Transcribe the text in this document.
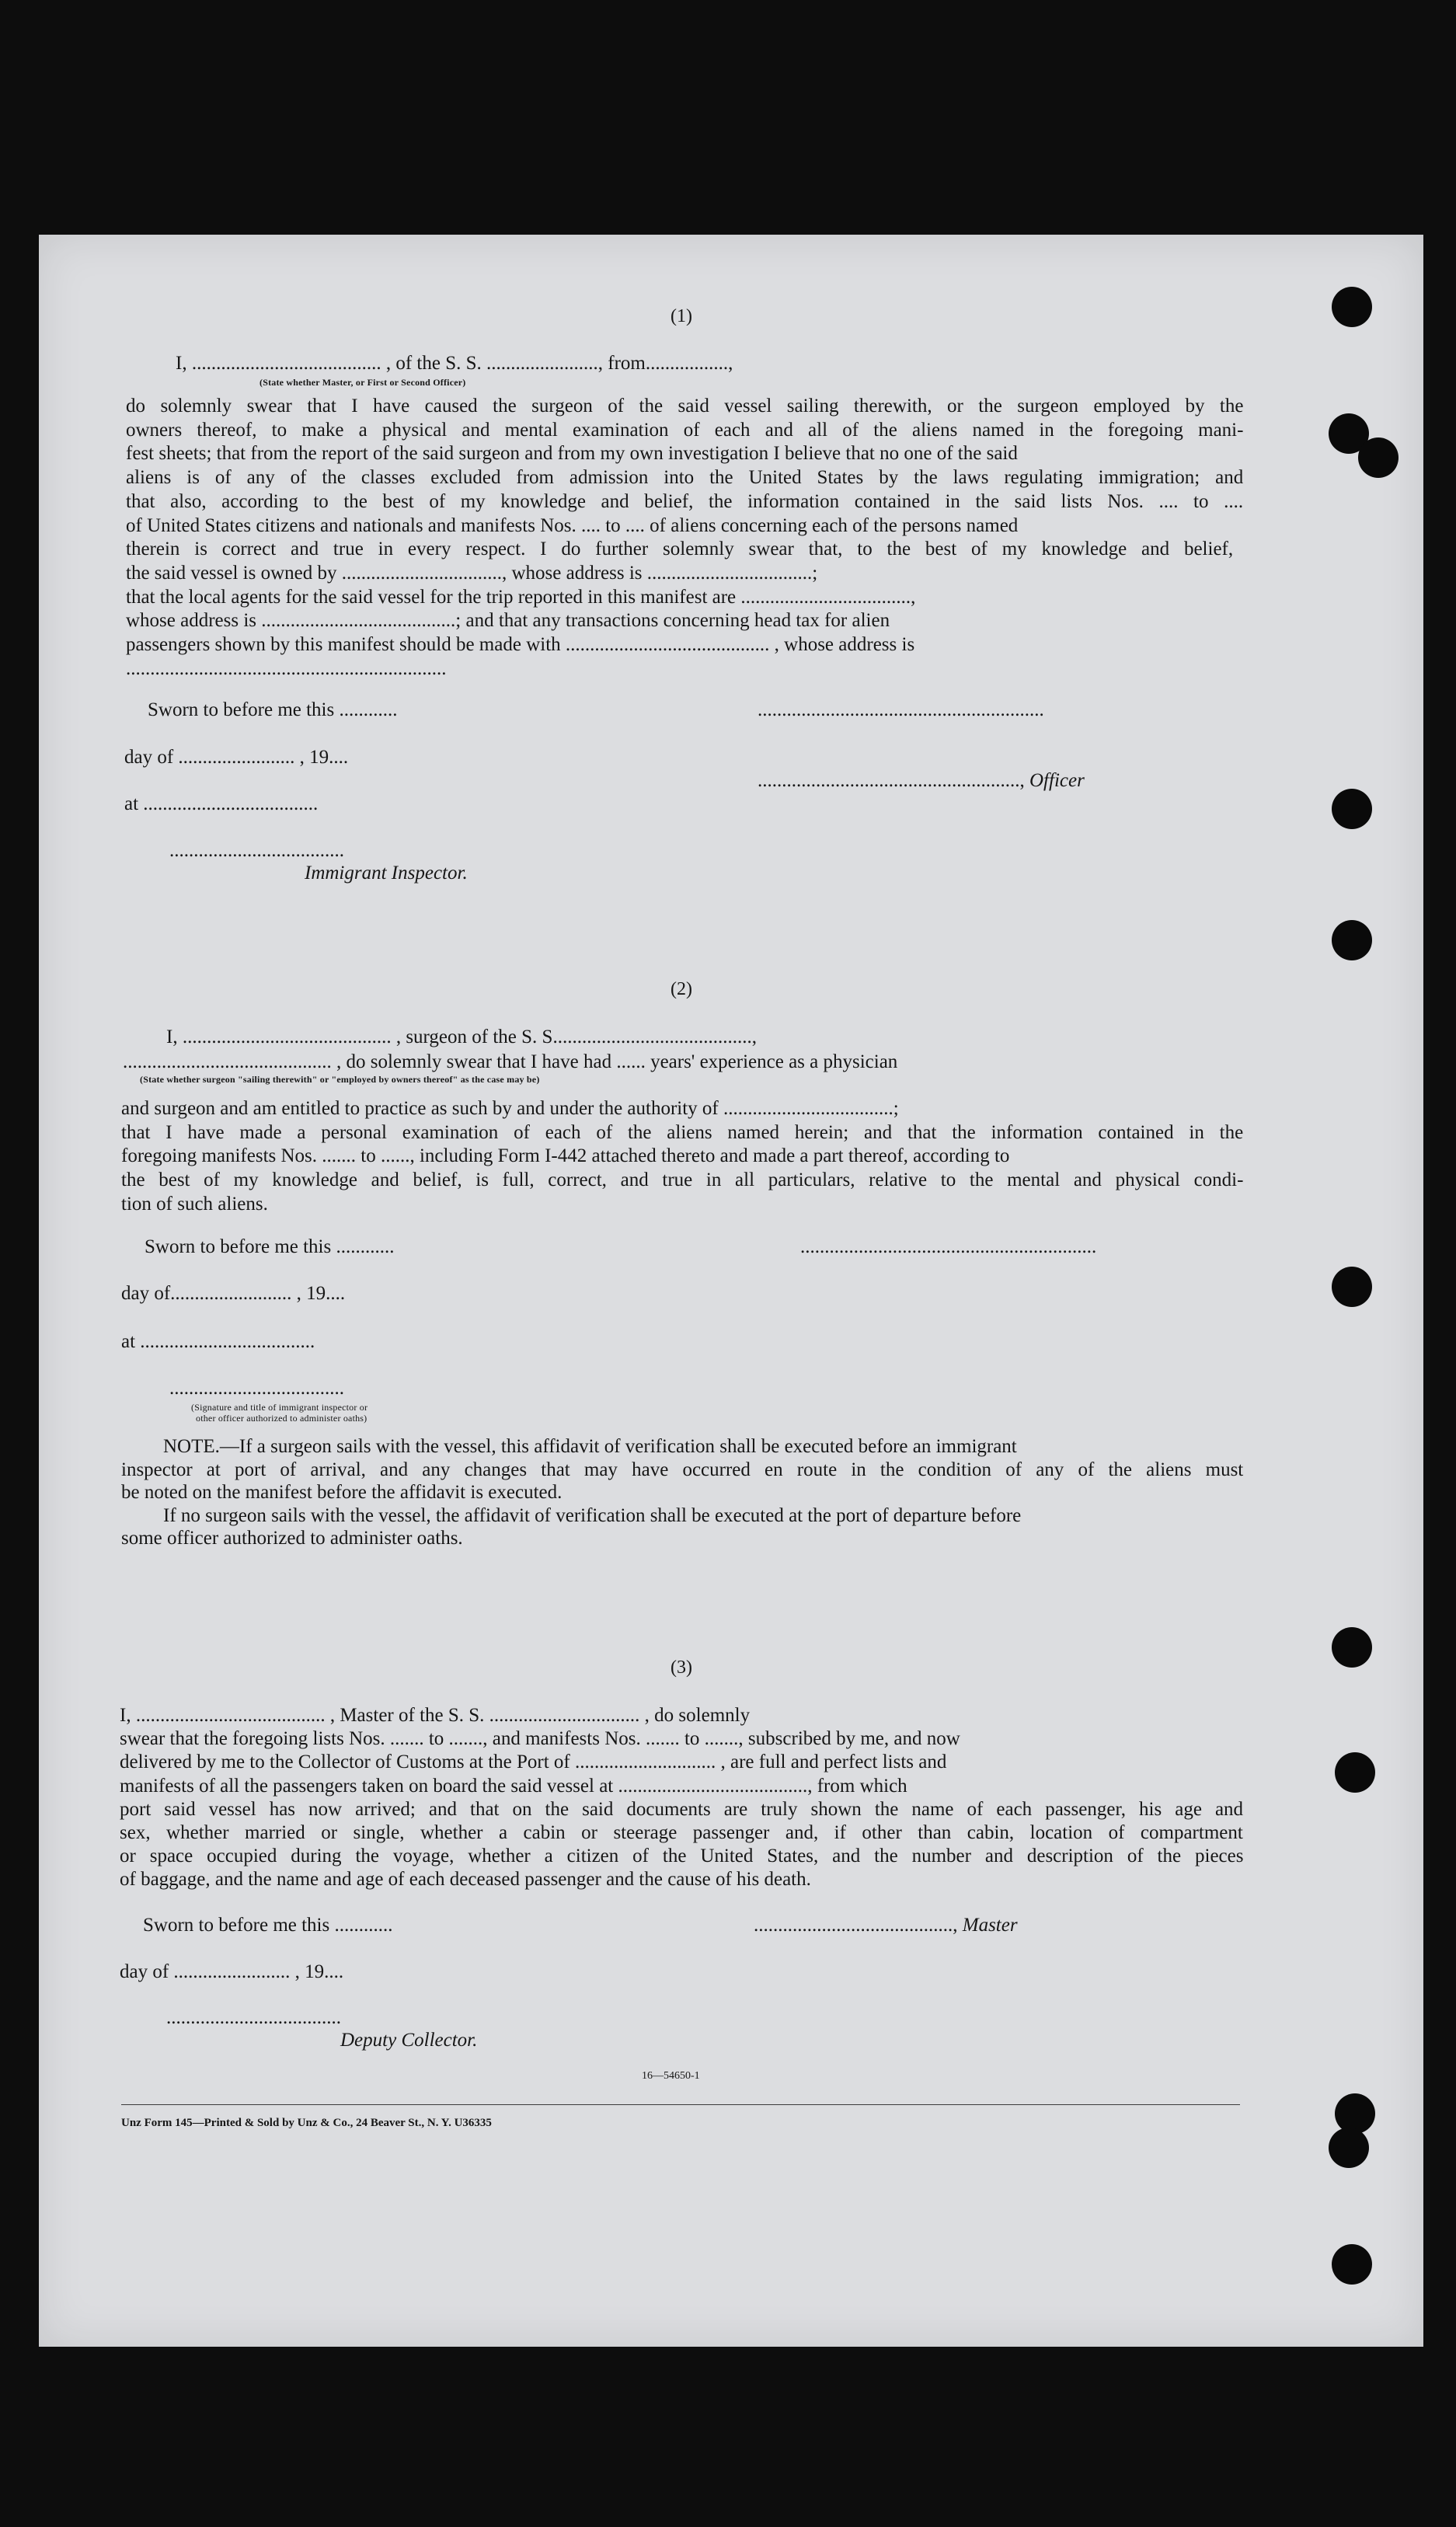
(1)
I, ....................................... , of the S. S. ......................., from.................,
(State whether Master, or First or Second Officer)
do solemnly swear that I have caused the surgeon of the said vessel sailing therewith, or the surgeon employed by the
owners thereof, to make a physical and mental examination of each and all of the aliens named in the foregoing mani-
fest sheets; that from the report of the said surgeon and from my own investigation I believe that no one of the said
aliens is of any of the classes excluded from admission into the United States by the laws regulating immigration; and
that also, according to the best of my knowledge and belief, the information contained in the said lists Nos. .... to ....
of United States citizens and nationals and manifests Nos. .... to .... of aliens concerning each of the persons named
therein is correct and true in every respect. I do further solemnly swear that, to the best of my knowledge and belief,
the said vessel is owned by ................................., whose address is ..................................;
that the local agents for the said vessel for the trip reported in this manifest are ...................................,
whose address is ........................................; and that any transactions concerning head tax for alien
passengers shown by this manifest should be made with .......................................... , whose address is
..................................................................
Sworn to before me this ............
day of ........................ , 19....
at ....................................
....................................
Immigrant Inspector.
...........................................................
......................................................, Officer
(2)
I, ........................................... , surgeon of the S. S.........................................,
........................................... , do solemnly swear that I have had ...... years' experience as a physician
(State whether surgeon "sailing therewith" or "employed by owners thereof" as the case may be)
and surgeon and am entitled to practice as such by and under the authority of ...................................;
that I have made a personal examination of each of the aliens named herein; and that the information contained in the
foregoing manifests Nos. ....... to ......, including Form I-442 attached thereto and made a part thereof, according to
the best of my knowledge and belief, is full, correct, and true in all particulars, relative to the mental and physical condi-
tion of such aliens.
Sworn to before me this ............
day of......................... , 19....
at ....................................
....................................
(Signature and title of immigrant inspector or
other officer authorized to administer oaths)
.............................................................
NOTE.—If a surgeon sails with the vessel, this affidavit of verification shall be executed before an immigrant
inspector at port of arrival, and any changes that may have occurred en route in the condition of any of the aliens must
be noted on the manifest before the affidavit is executed.
If no surgeon sails with the vessel, the affidavit of verification shall be executed at the port of departure before
some officer authorized to administer oaths.
(3)
I, ....................................... , Master of the S. S. ............................... , do solemnly
swear that the foregoing lists Nos. ....... to ......., and manifests Nos. ....... to ......., subscribed by me, and now
delivered by me to the Collector of Customs at the Port of ............................. , are full and perfect lists and
manifests of all the passengers taken on board the said vessel at ......................................., from which
port said vessel has now arrived; and that on the said documents are truly shown the name of each passenger, his age and
sex, whether married or single, whether a cabin or steerage passenger and, if other than cabin, location of compartment
or space occupied during the voyage, whether a citizen of the United States, and the number and description of the pieces
of baggage, and the name and age of each deceased passenger and the cause of his death.
Sworn to before me this ............
day of ........................ , 19....
....................................
Deputy Collector.
........................................., Master
16—54650-1
Unz Form 145—Printed & Sold by Unz & Co., 24 Beaver St., N. Y. U36335
